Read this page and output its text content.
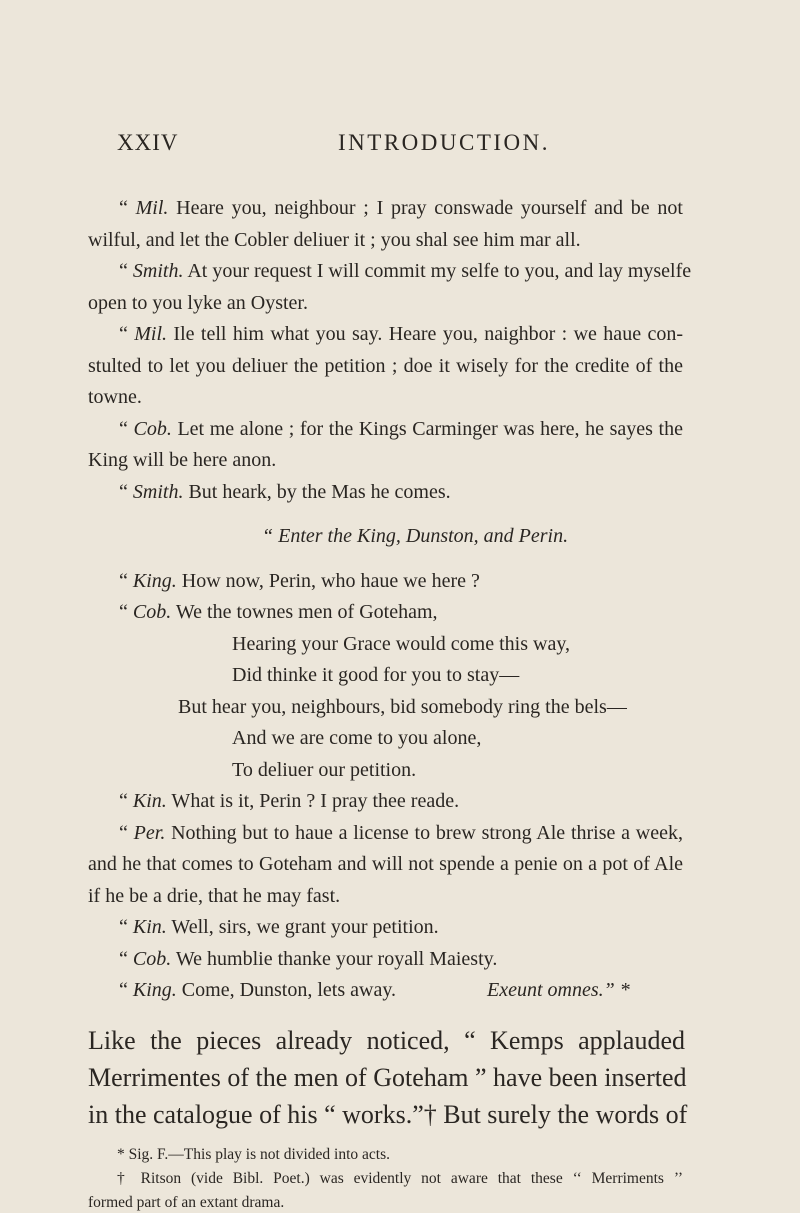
XXIV	INTRODUCTION.
“ Mil. Heare you, neighbour ; I pray conswade yourself and be not
wilful, and let the Cobler deliuer it ; you shal see him mar all.
“ Smith. At your request I will commit my selfe to you, and lay myselfe
open to you lyke an Oyster.
“ Mil. Ile tell him what you say. Heare you, naighbor : we haue con-
stulted to let you deliuer the petition ; doe it wisely for the credite of the
towne.
“ Cob. Let me alone ; for the Kings Carminger was here, he sayes the
King will be here anon.
“ Smith. But heark, by the Mas he comes.
“ Enter the King, Dunston, and Perin.
“ King. How now, Perin, who haue we here ?
“ Cob. We the townes men of Goteham,
Hearing your Grace would come this way,
Did thinke it good for you to stay—
But hear you, neighbours, bid somebody ring the bels—
And we are come to you alone,
To deliuer our petition.
“ Kin. What is it, Perin ? I pray thee reade.
“ Per. Nothing but to haue a license to brew strong Ale thrise a week,
and he that comes to Goteham and will not spende a penie on a pot of Ale
if he be a drie, that he may fast.
“ Kin. Well, sirs, we grant your petition.
“ Cob. We humblie thanke your royall Maiesty.
“ King. Come, Dunston, lets away.	Exeunt omnes.” *
Like the pieces already noticed, “ Kemps applauded
Merrimentes of the men of Goteham ” have been inserted
in the catalogue of his “ works.”† But surely the words of
* Sig. F.—This play is not divided into acts.
† Ritson (vide Bibl. Poet.) was evidently not aware that these ‘‘ Merriments ’’
formed part of an extant drama.
